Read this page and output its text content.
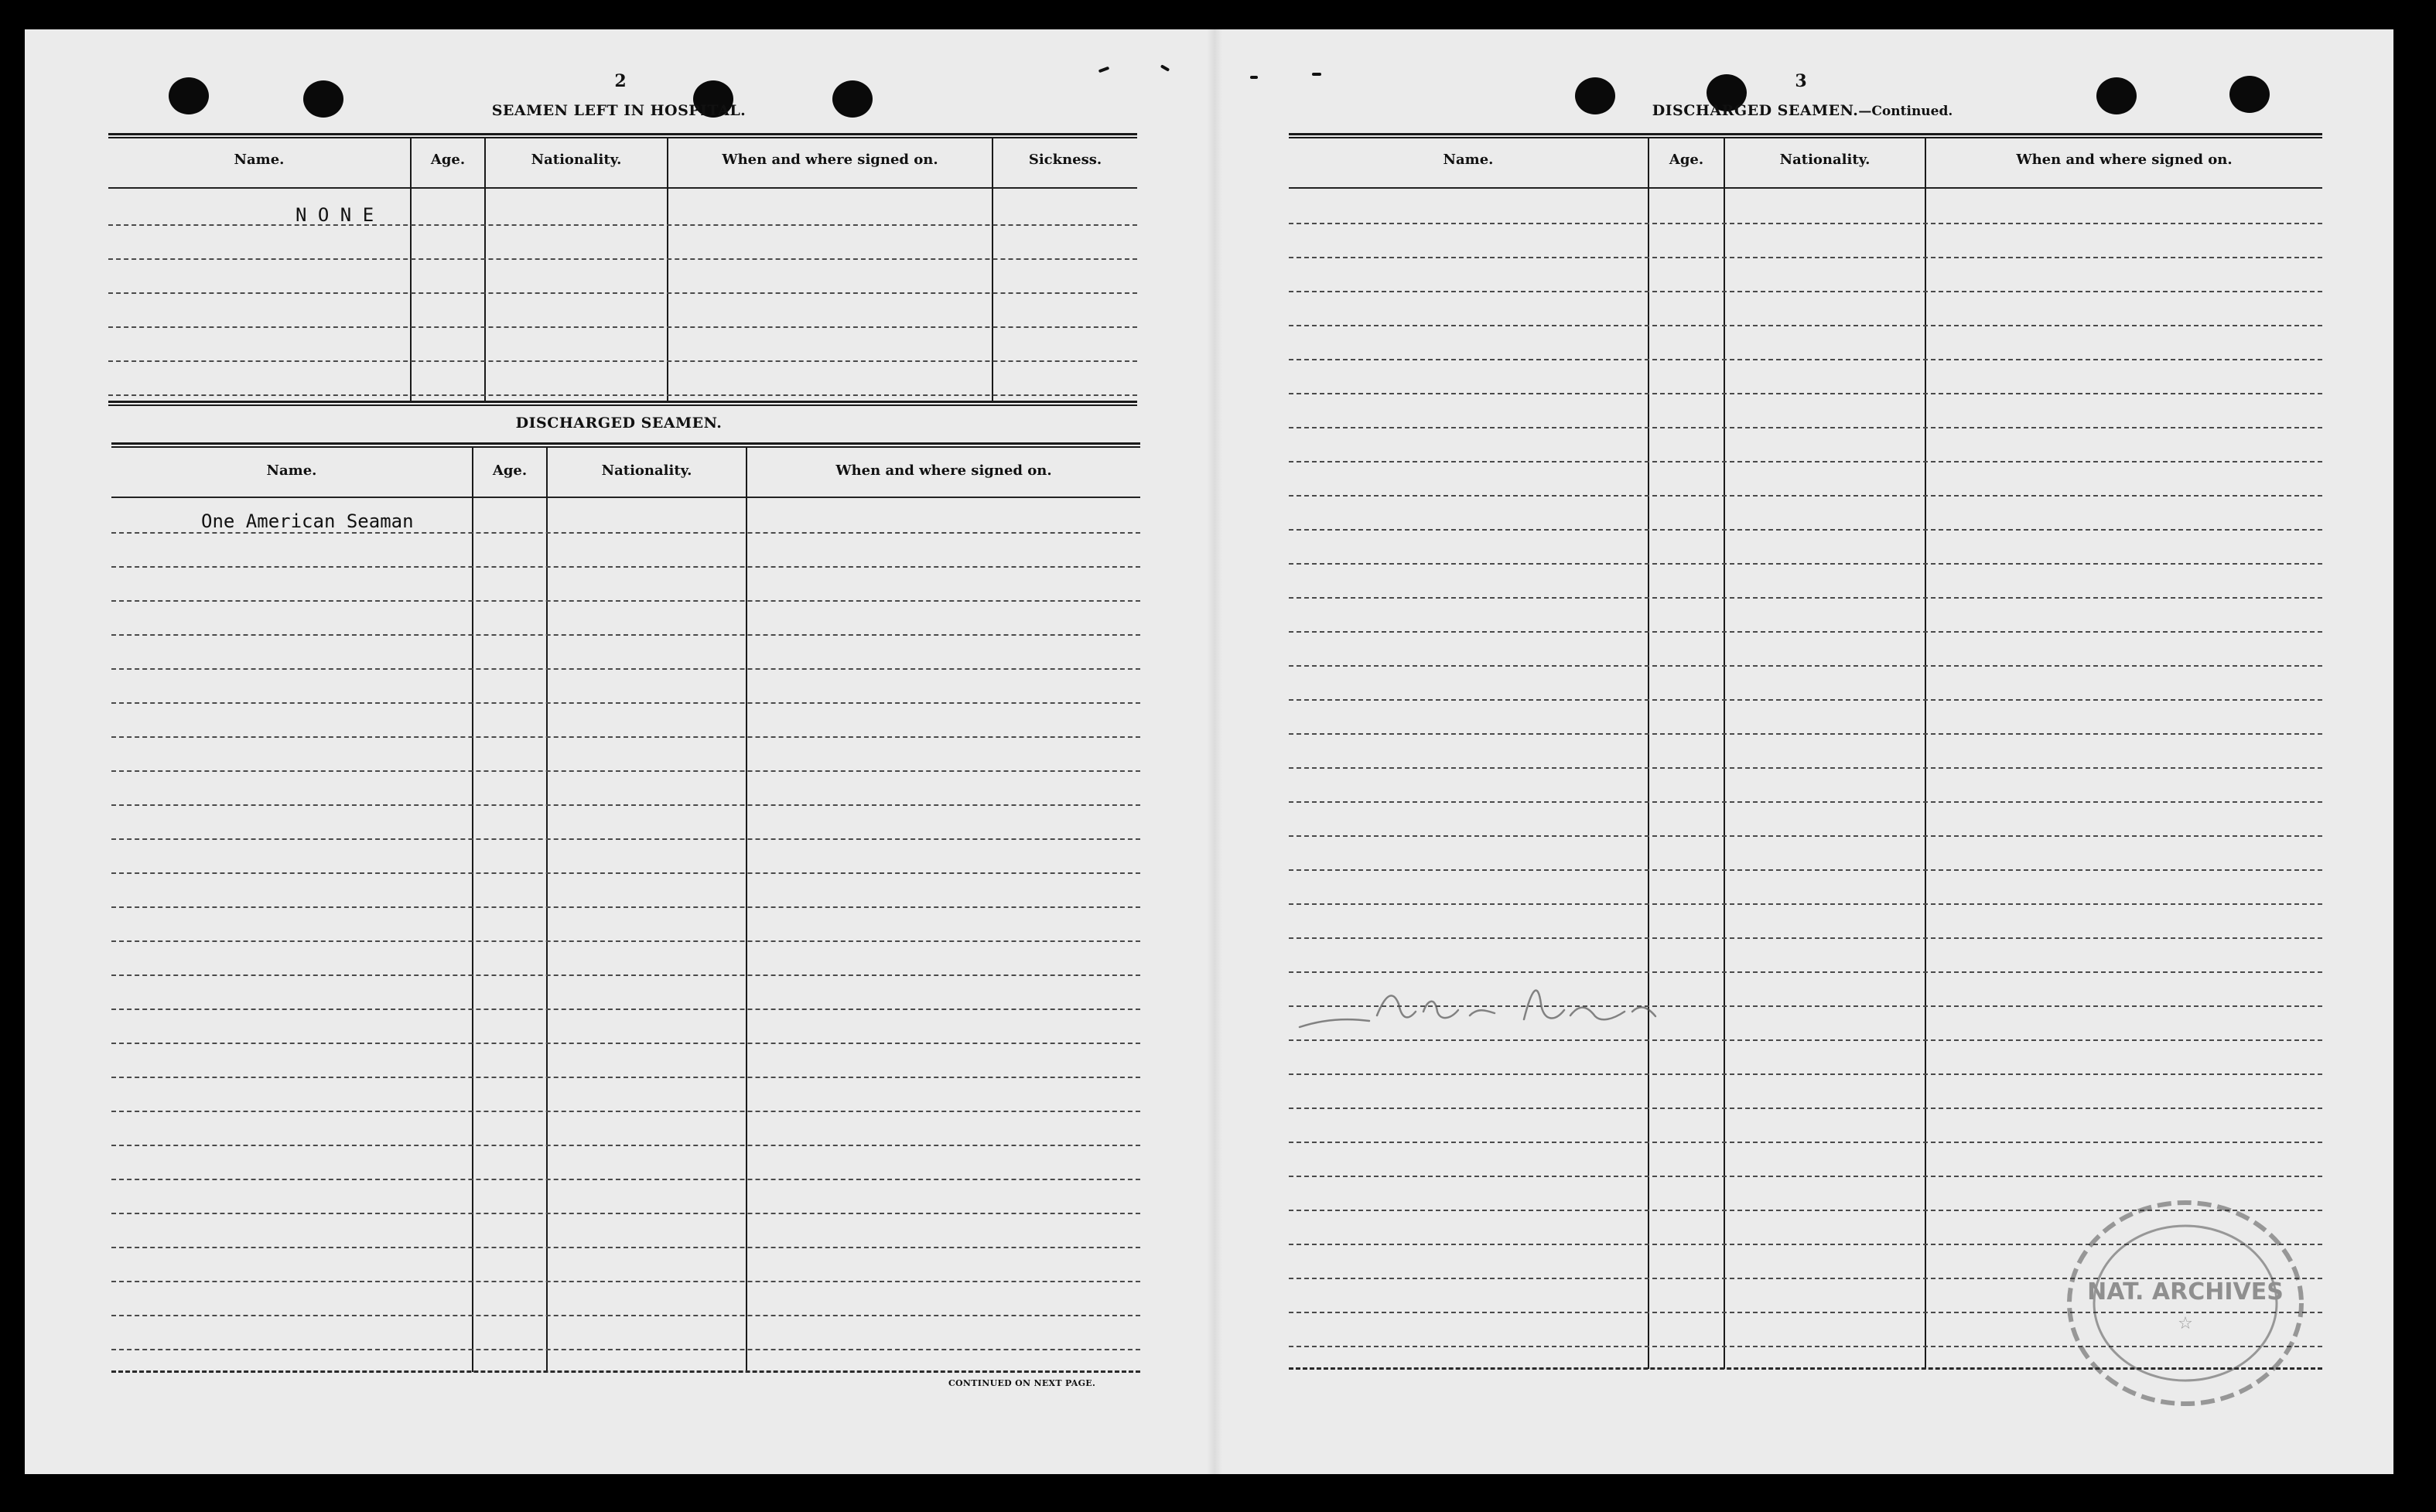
2
SEAMEN LEFT IN HOSPITAL.
Name.	Age.	Nationality.	When and where signed on.	Sickness.
N O N E
DISCHARGED SEAMEN.
Name.	Age.	Nationality.	When and where signed on.
One American Seaman
CONTINUED ON NEXT PAGE.
3
DISCHARGED SEAMEN.—Continued.
Name.	Age.	Nationality.	When and where signed on.
NAT. ARCHIVES
☆
